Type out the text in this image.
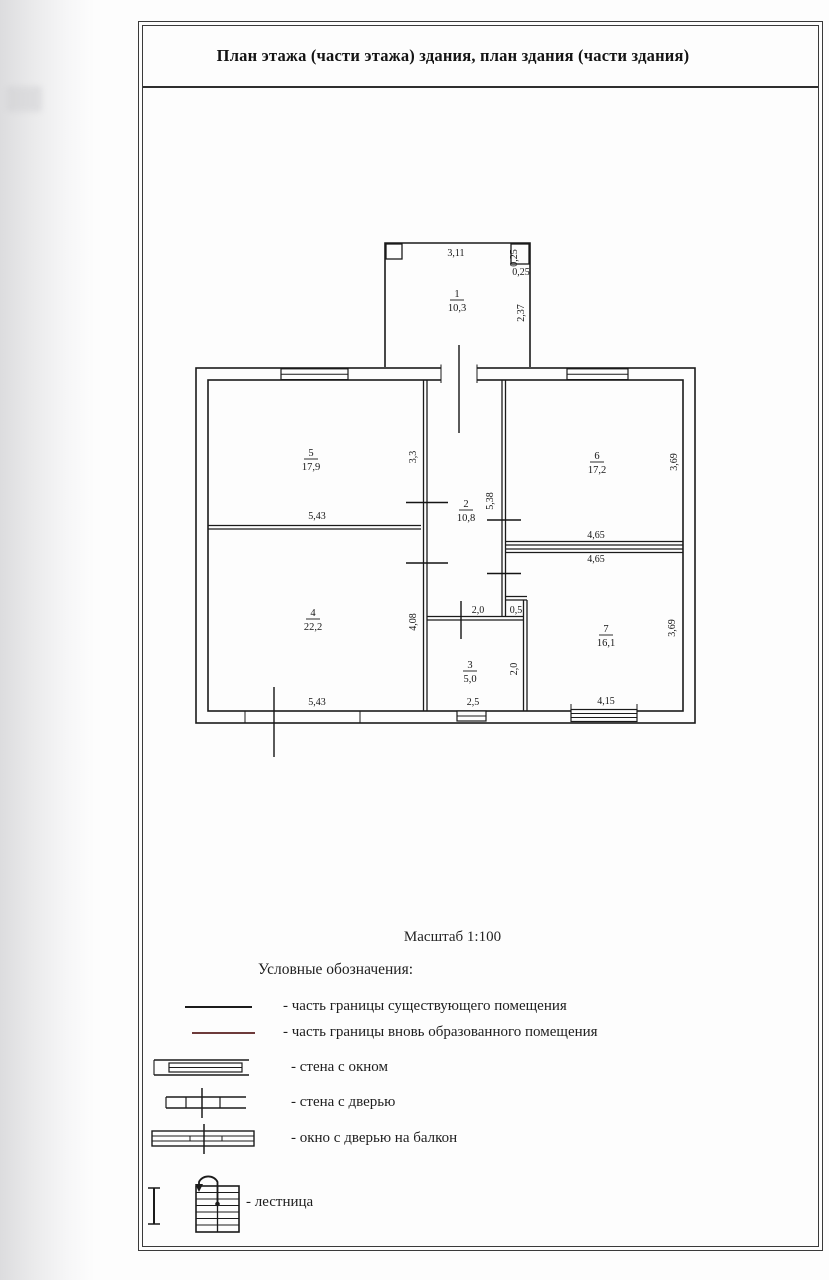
План этажа (части этажа) здания, план здания (части здания)
1
10,3
2
10,8
3
5,0
4
22,2
5
17,9
6
17,2
7
16,1
3,11	0,25
0,25
2,37
3,3
5,43
5,38
3,69
4,65
4,65
4,08
2,0	0,5
2,0
2,5
5,43	4,15
3,69
Масштаб 1:100
Условные обозначения:
- часть границы существующего помещения
- часть границы вновь образованного помещения
- стена с окном
- стена с дверью
- окно с дверью на балкон
- лестница
